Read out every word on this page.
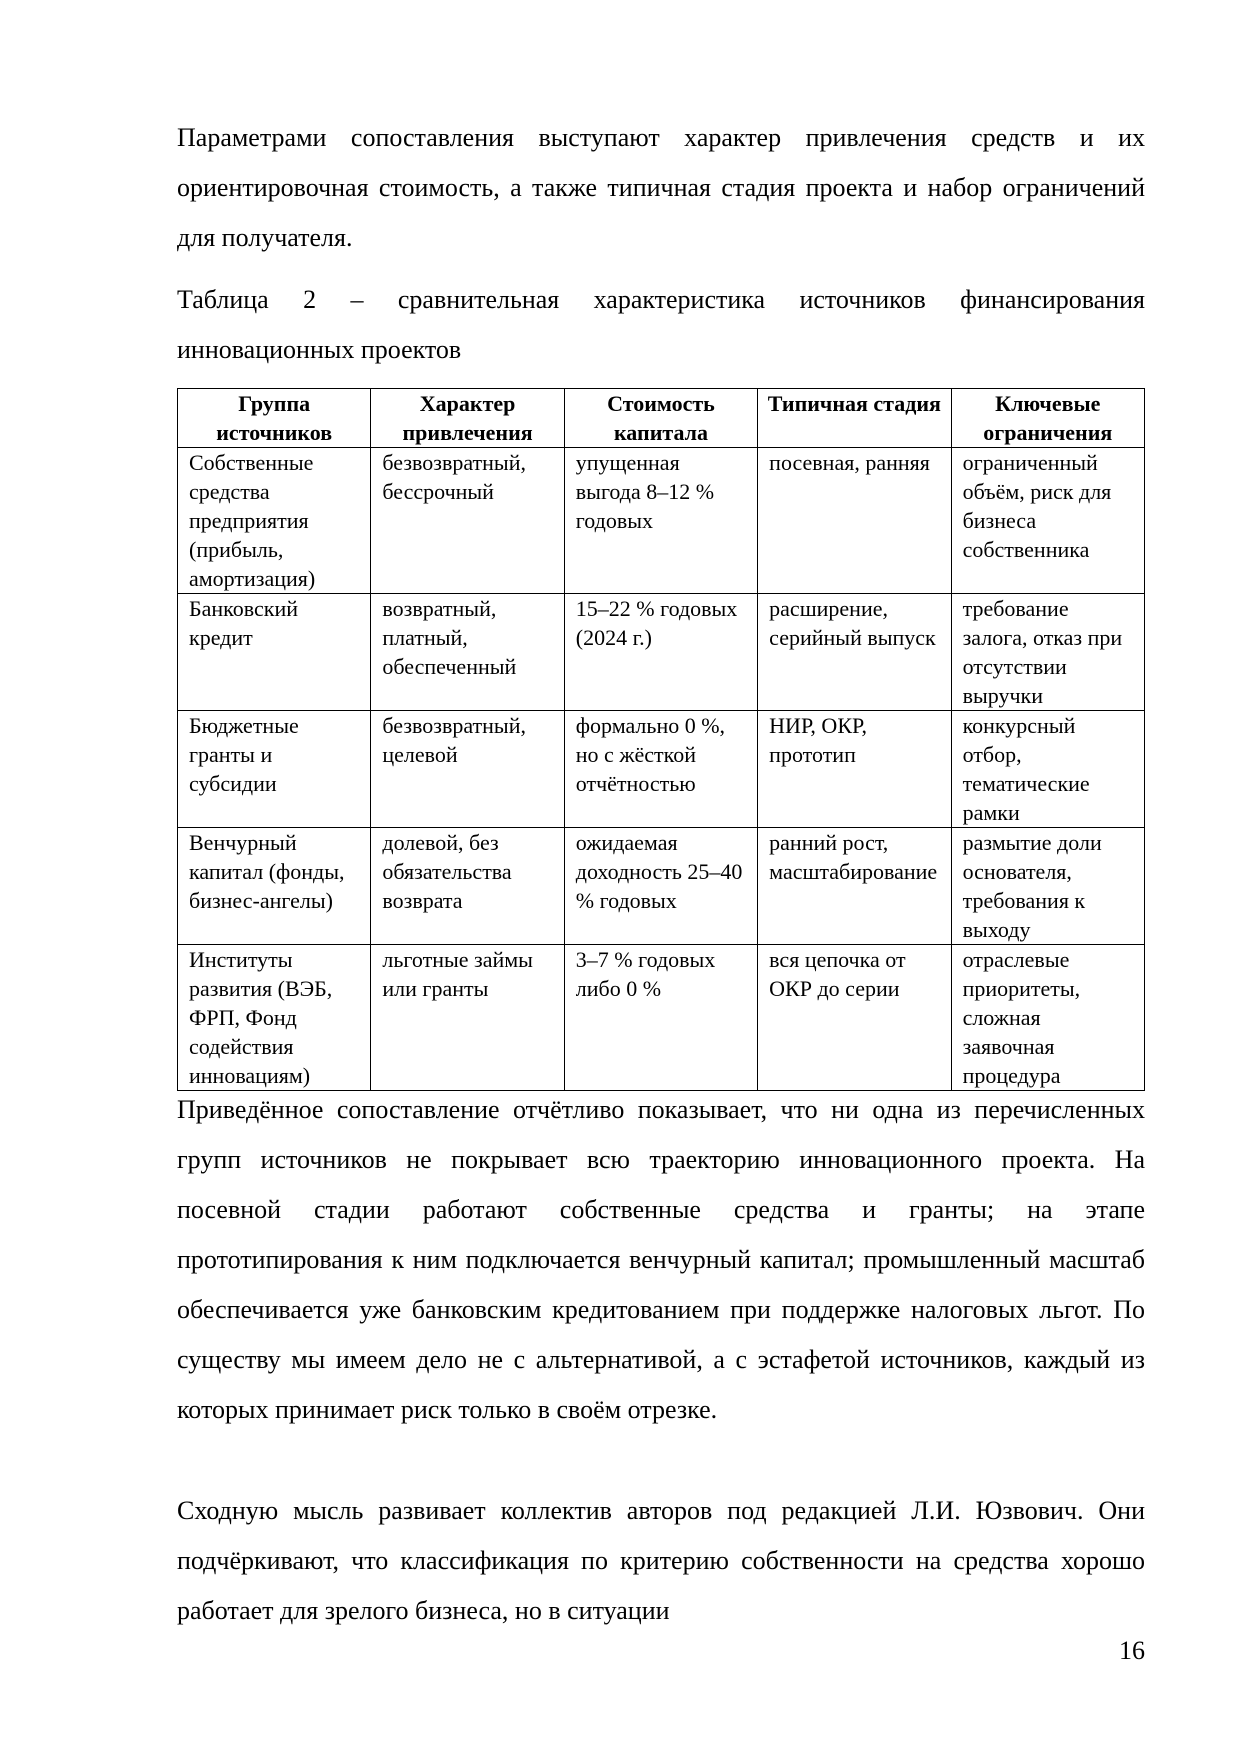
Параметрами сопоставления выступают характер привлечения средств и их ориентировочная стоимость, а также типичная стадия проекта и набор ограничений для получателя.

Таблица 2 – сравнительная характеристика источников финансирования инновационных проектов

Группа источников	Характер привлечения	Стоимость капитала	Типичная стадия	Ключевые ограничения
Собственные средства предприятия (прибыль, амортизация)	безвозвратный, бессрочный	упущенная выгода 8–12 % годовых	посевная, ранняя	ограниченный объём, риск для бизнеса собственника
Банковский кредит	возвратный, платный, обеспеченный	15–22 % годовых (2024 г.)	расширение, серийный выпуск	требование залога, отказ при отсутствии выручки
Бюджетные гранты и субсидии	безвозвратный, целевой	формально 0 %, но с жёсткой отчётностью	НИР, ОКР, прототип	конкурсный отбор, тематические рамки
Венчурный капитал (фонды, бизнес-ангелы)	долевой, без обязательства возврата	ожидаемая доходность 25–40 % годовых	ранний рост, масштабирование	размытие доли основателя, требования к выходу
Институты развития (ВЭБ, ФРП, Фонд содействия инновациям)	льготные займы или гранты	3–7 % годовых либо 0 %	вся цепочка от ОКР до серии	отраслевые приоритеты, сложная заявочная процедура

Приведённое сопоставление отчётливо показывает, что ни одна из перечисленных групп источников не покрывает всю траекторию инновационного проекта. На посевной стадии работают собственные средства и гранты; на этапе прототипирования к ним подключается венчурный капитал; промышленный масштаб обеспечивается уже банковским кредитованием при поддержке налоговых льгот. По существу мы имеем дело не с альтернативой, а с эстафетой источников, каждый из которых принимает риск только в своём отрезке.

Сходную мысль развивает коллектив авторов под редакцией Л.И. Юзвович. Они подчёркивают, что классификация по критерию собственности на средства хорошо работает для зрелого бизнеса, но в ситуации

16
